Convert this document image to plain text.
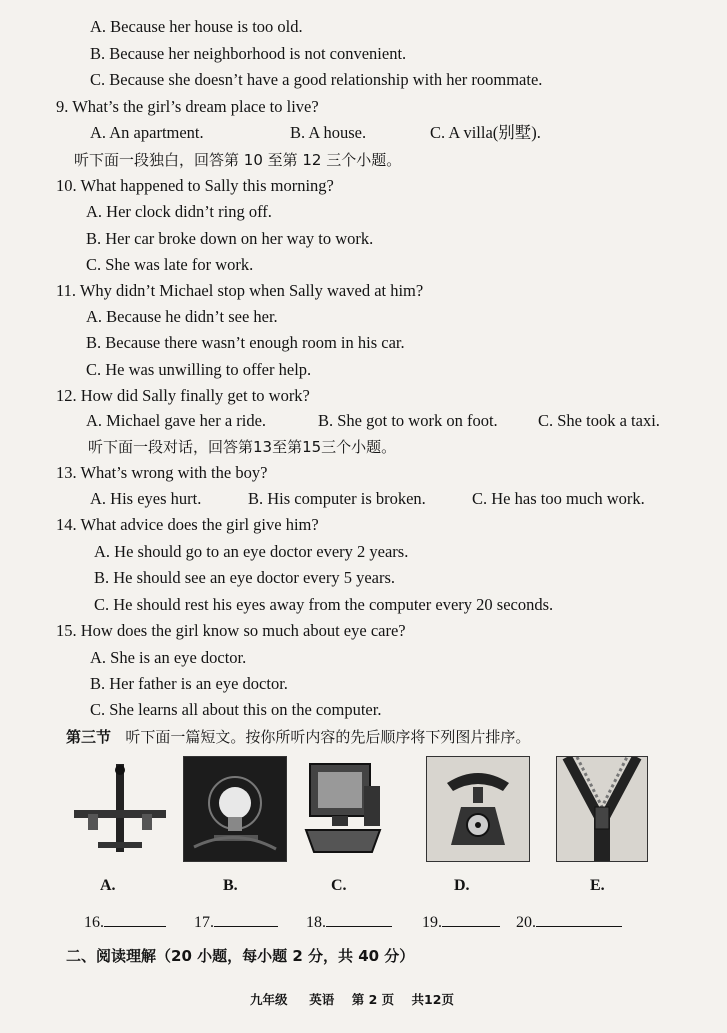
A. Because her house is too old.
B. Because her neighborhood is not convenient.
C. Because she doesn’t have a good relationship with her roommate.
9. What’s the girl’s dream place to live?
A. An apartment.	B. A house.	C. A villa(别墅).
听下面一段独白，回答第 10 至第 12 三个小题。
10. What happened to Sally this morning?
A. Her clock didn’t ring off.
B. Her car broke down on her way to work.
C. She was late for work.
11. Why didn’t Michael stop when Sally waved at him?
A. Because he didn’t see her.
B. Because there wasn’t enough room in his car.
C. He was unwilling to offer help.
12. How did Sally finally get to work?
A. Michael gave her a ride.	B. She got to work on foot. C. She took a taxi.
听下面一段对话，回答第13至第15三个小题。
13. What’s wrong with the boy?
A. His eyes hurt.	B. His computer is broken.	C. He has too much work.
14. What advice does the girl give him?
A. He should go to an eye doctor every 2 years.
B. He should see an eye doctor every 5 years.
C. He should rest his eyes away from the computer every 20 seconds.
15. How does the girl know so much about eye care?
A. She is an eye doctor.
B. Her father is an eye doctor.
C. She learns all about this on the computer.
第三节 听下面一篇短文。按你所听内容的先后顺序将下列图片排序。
A.	B.	C.	D.	E.
16.	17.	18.	19.	20.
二、阅读理解（20 小题，每小题 2 分，共 40 分）
九年级 英语 第 2 页 共12页
